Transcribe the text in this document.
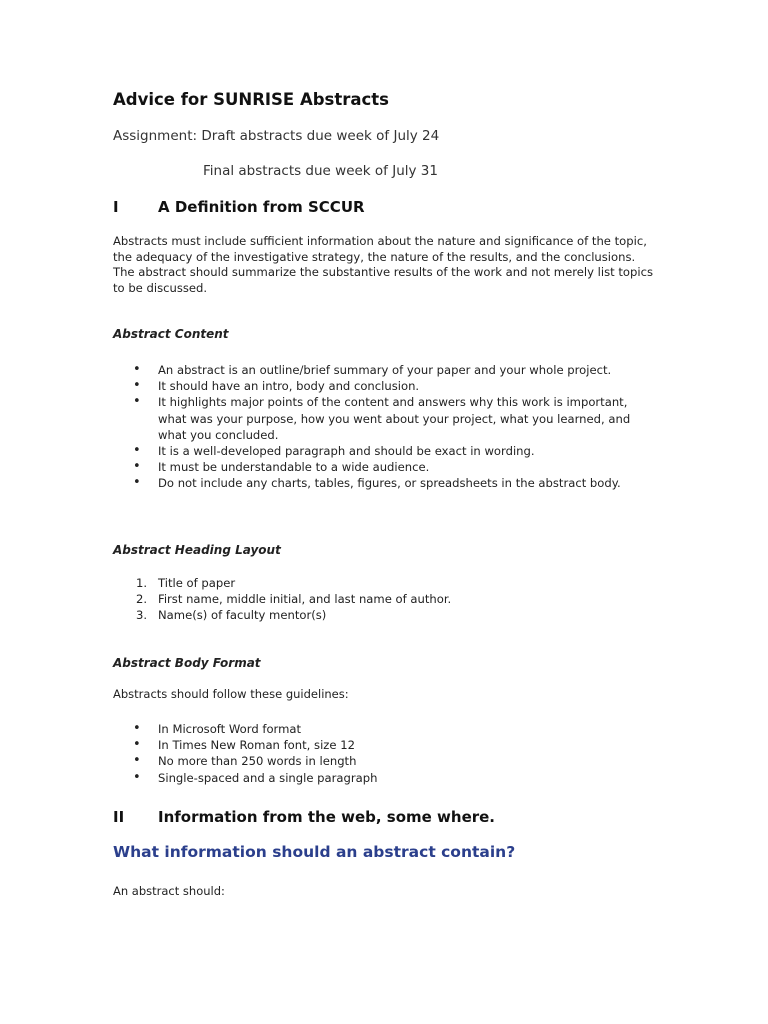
Advice for SUNRISE Abstracts

Assignment: Draft abstracts due week of July 24

Final abstracts due week of July 31

I	A Definition from SCCUR

Abstracts must include sufficient information about the nature and significance of the topic, the adequacy of the investigative strategy, the nature of the results, and the conclusions. The abstract should summarize the substantive results of the work and not merely list topics to be discussed.

Abstract Content
• An abstract is an outline/brief summary of your paper and your whole project.
• It should have an intro, body and conclusion.
• It highlights major points of the content and answers why this work is important, what was your purpose, how you went about your project, what you learned, and what you concluded.
• It is a well-developed paragraph and should be exact in wording.
• It must be understandable to a wide audience.
• Do not include any charts, tables, figures, or spreadsheets in the abstract body.
Abstract Heading Layout
1. Title of paper
2. First name, middle initial, and last name of author.
3. Name(s) of faculty mentor(s)
Abstract Body Format

Abstracts should follow these guidelines:

• In Microsoft Word format
• In Times New Roman font, size 12
• No more than 250 words in length
• Single-spaced and a single paragraph
II Information from the web, some where.
What information should an abstract contain?

An abstract should:
